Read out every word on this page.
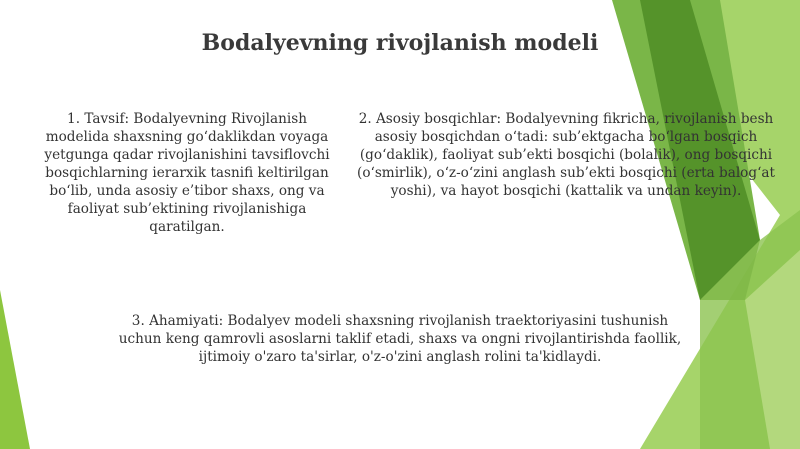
Bodalyevning rivojlanish modeli
1. Tavsif: Bodalyevning Rivojlanish modelida shaxsning go‘daklikdan voyaga yetgunga qadar rivojlanishini tavsiflovchi bosqichlarning ierarxik tasnifi keltirilgan bo‘lib, unda asosiy e’tibor shaxs, ong va faoliyat sub’ektining rivojlanishiga qaratilgan.
2. Asosiy bosqichlar: Bodalyevning fikricha, rivojlanish besh asosiy bosqichdan o‘tadi: sub’ektgacha bo‘lgan bosqich (go‘daklik), faoliyat sub’ekti bosqichi (bolalik), ong bosqichi (o‘smirlik), o‘z-o‘zini anglash sub’ekti bosqichi (erta balog‘at yoshi), va hayot bosqichi (kattalik va undan keyin).
3. Ahamiyati: Bodalyev modeli shaxsning rivojlanish traektoriyasini tushunish uchun keng qamrovli asoslarni taklif etadi, shaxs va ongni rivojlantirishda faollik, ijtimoiy o'zaro ta'sirlar, o'z-o'zini anglash rolini ta'kidlaydi.
